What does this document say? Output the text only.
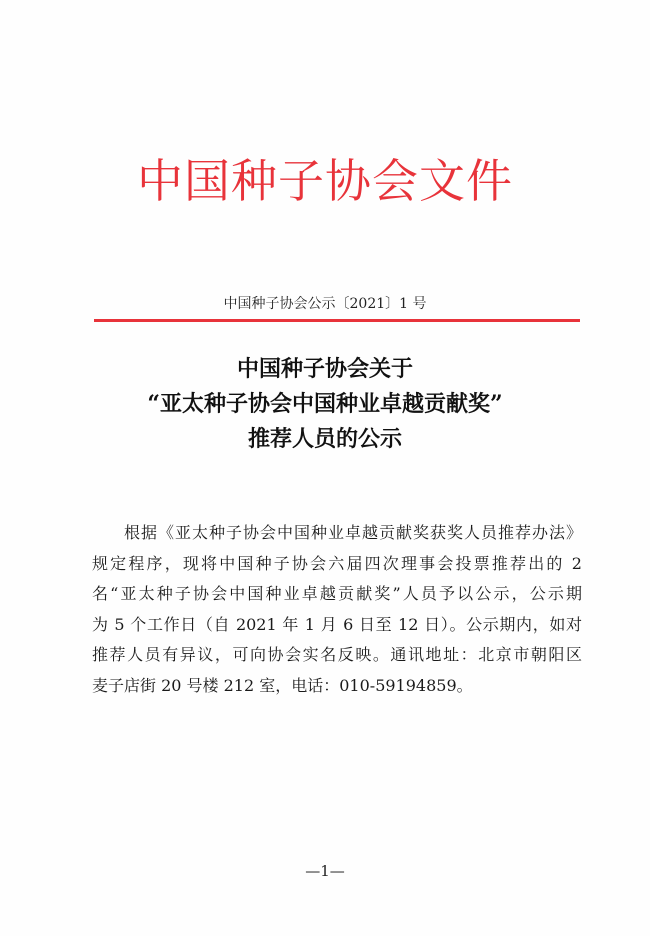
中国种子协会文件
中国种子协会公示〔2021〕1 号
中国种子协会关于
“亚太种子协会中国种业卓越贡献奖”
推荐人员的公示
根据《亚太种子协会中国种业卓越贡献奖获奖人员推荐办法》
规定程序，现将中国种子协会六届四次理事会投票推荐出的 2
名“亚太种子协会中国种业卓越贡献奖”人员予以公示，公示期
为 5 个工作日（自 2021 年 1 月 6 日至 12 日）。公示期内，如对
推荐人员有异议，可向协会实名反映。通讯地址：北京市朝阳区
麦子店街 20 号楼 212 室，电话：010-59194859。
—1—
